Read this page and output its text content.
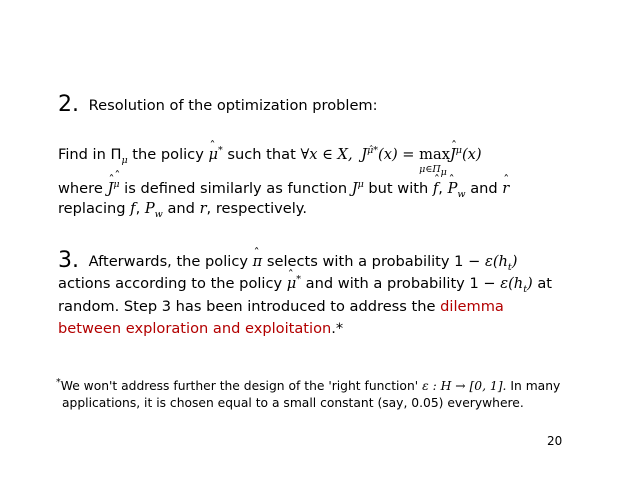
2. Resolution of the optimization problem:
Find in $\Pi_\mu$ the policy ˆ μ* such that ∀x ∈ X, $J^{\mû*}(x) = \max$
$\mu\in\Pi_\mu$
ˆ $J^\mu(x)$
where ˆ $J^\mu$ is defined similarly as function $J^\mu$ but with ˆ f, ˆ $P_w$ and ˆ r
replacing f, $P_w$ and r, respectively.
3. Afterwards, the policy ˆ π selects with a probability $1 - \varepsilon(h_t)$
actions according to the policy ˆ μ* and with a probability $1 - \varepsilon(h_t)$ at
random. Step 3 has been introduced to address the dilemma
between exploration and exploitation.*
*We won't address further the design of the 'right function' ε : H → [0, 1]. In many
applications, it is chosen equal to a small constant (say, 0.05) everywhere.
20
